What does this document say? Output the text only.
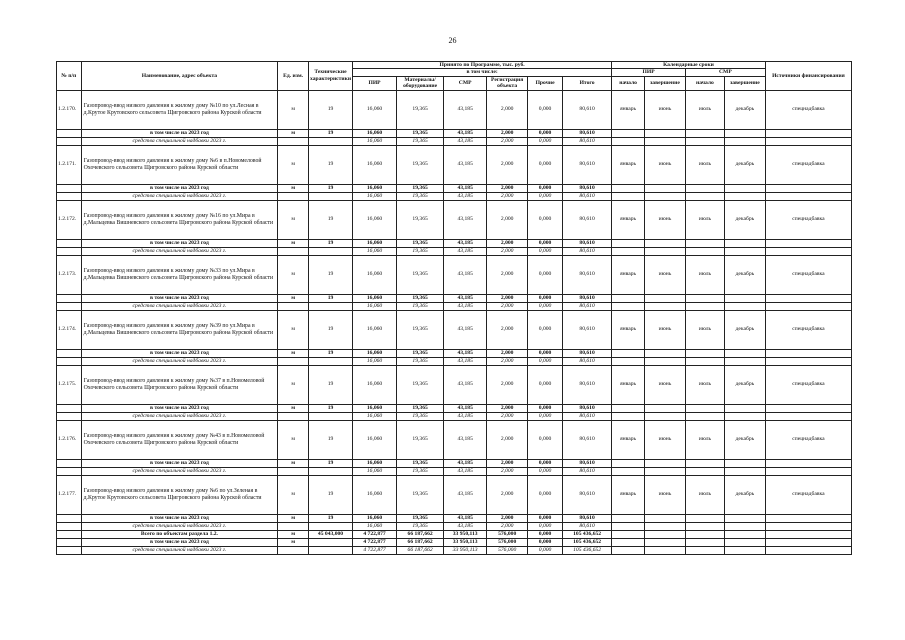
26
№ п/п	Наименование, адрес объекта	Ед. изм.	Технические характеристики	Принято по Программе, тыс. руб.						Календарные сроки				Источники финансирования
				в том числе:						ПИР		СМР		
				ПИР	Материалы/ оборудование	СМР	Регистрация объекта	Прочие	Итого	начало	завершение	начало	завершение	

1.2.170.	Газопровод-ввод низкого давления к жилому дому №10 по ул.Лесная в д.Крутое Крутовского сельсовета Щигровского района Курской области	м	19	16,060	19,365	43,185	2,000	0,000	80,610	январь	июнь	июль	декабрь	спецнадбавка
	в том числе на 2023 год	м	19	16,060	19,365	43,185	2,000	0,000	80,610					
	средства специальной надбавки 2023 г.			16,060	19,365	43,185	2,000	0,000	80,610					
1.2.171.	Газопровод-ввод низкого давления к жилому дому №6 в п.Новомеловой Охочевского сельсовета Щигровского района Курской области	м	19	16,060	19,365	43,185	2,000	0,000	80,610	январь	июнь	июль	декабрь	спецнадбавка
	в том числе на 2023 год	м	19	16,060	19,365	43,185	2,000	0,000	80,610					
	средства специальной надбавки 2023 г.			16,060	19,365	43,185	2,000	0,000	80,610					
1.2.172.	Газопровод-ввод низкого давления к жилому дому №16 по ул.Мира в д.Мальцевка Вишневского сельсовета Щигровского района Курской области	м	19	16,060	19,365	43,185	2,000	0,000	80,610	январь	июнь	июль	декабрь	спецнадбавка
	в том числе на 2023 год	м	19	16,060	19,365	43,185	2,000	0,000	80,610					
	средства специальной надбавки 2023 г.			16,060	19,365	43,185	2,000	0,000	80,610					
1.2.173.	Газопровод-ввод низкого давления к жилому дому №33 по ул.Мира в д.Мальцевка Вишневского сельсовета Щигровского района Курской области	м	19	16,060	19,365	43,185	2,000	0,000	80,610	январь	июнь	июль	декабрь	спецнадбавка
	в том числе на 2023 год	м	19	16,060	19,365	43,185	2,000	0,000	80,610					
	средства специальной надбавки 2023 г.			16,060	19,365	43,185	2,000	0,000	80,610					
1.2.174.	Газопровод-ввод низкого давления к жилому дому №39 по ул.Мира в д.Мальцевка Вишневского сельсовета Щигровского района Курской области	м	19	16,060	19,365	43,185	2,000	0,000	80,610	январь	июнь	июль	декабрь	спецнадбавка
	в том числе на 2023 год	м	19	16,060	19,365	43,185	2,000	0,000	80,610					
	средства специальной надбавки 2023 г.			16,060	19,365	43,185	2,000	0,000	80,610					
1.2.175.	Газопровод-ввод низкого давления к жилому дому №37 в п.Новомеловой Охочевского сельсовета Щигровского района Курской области	м	19	16,060	19,365	43,185	2,000	0,000	80,610	январь	июнь	июль	декабрь	спецнадбавка
	в том числе на 2023 год	м	19	16,060	19,365	43,185	2,000	0,000	80,610					
	средства специальной надбавки 2023 г.			16,060	19,365	43,185	2,000	0,000	80,610					
1.2.176.	Газопровод-ввод низкого давления к жилому дому №43 в п.Новомеловой Охочевского сельсовета Щигровского района Курской области	м	19	16,060	19,365	43,185	2,000	0,000	80,610	январь	июнь	июль	декабрь	спецнадбавка
	в том числе на 2023 год	м	19	16,060	19,365	43,185	2,000	0,000	80,610					
	средства специальной надбавки 2023 г.			16,060	19,365	43,185	2,000	0,000	80,610					
1.2.177.	Газопровод-ввод низкого давления к жилому дому №6 по ул.Зеленая в д.Крутое Крутовского сельсовета Щигровского района Курской области	м	19	16,060	19,365	43,185	2,000	0,000	80,610	январь	июнь	июль	декабрь	спецнадбавка
	в том числе на 2023 год	м	19	16,060	19,365	43,185	2,000	0,000	80,610					
	средства специальной надбавки 2023 г.			16,060	19,365	43,185	2,000	0,000	80,610					
	Всего по объектам раздела 1.2.	м	45 043,000	4 722,877	66 187,662	33 950,113	576,000	0,000	105 436,652					
	в том числе на 2023 год	м		4 722,877	66 187,662	33 950,113	576,000	0,000	105 436,652					
	средства специальной надбавки 2023 г.			4 722,877	66 187,662	33 950,113	576,000	0,000	105 436,652					
